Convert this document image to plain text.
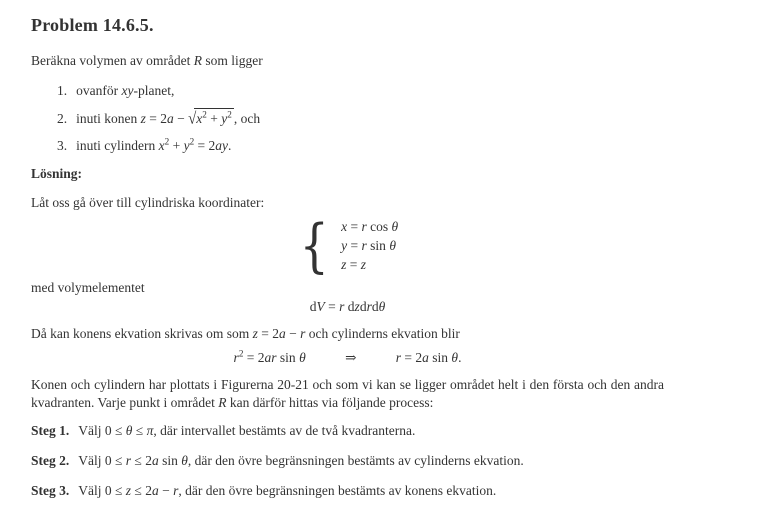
Problem 14.6.5.

Beräkna volymen av området R som ligger

1. ovanför xy-planet,
2. inuti konen $z = 2a - √x^2 + y^2$ , och
3. inuti cylindern $x^2 + y^2 = 2ay$.

Lösning:

Låt oss gå över till cylindriska koordinater:

{ x = r cos θ
y = r sin θ
z = z

med volymelementet

dV = r dzdrdθ

Då kan konens ekvation skrivas om som z = 2a − r och cylinderns ekvation blir

$r^2 = 2ar$ sin θ	⇒	r = 2a sin θ.

Konen och cylindern har plottats i Figurerna 20-21 och som vi kan se ligger området helt i den första och den andra kvadranten. Varje punkt i området R kan därför hittas via följande process:

Steg 1. Välj 0 ≤ θ ≤ π, där intervallet bestämts av de två kvadranterna.

Steg 2. Välj 0 ≤ r ≤ 2a sin θ, där den övre begränsningen bestämts av cylinderns ekvation.

Steg 3. Välj 0 ≤ z ≤ 2a − r, där den övre begränsningen bestämts av konens ekvation.
